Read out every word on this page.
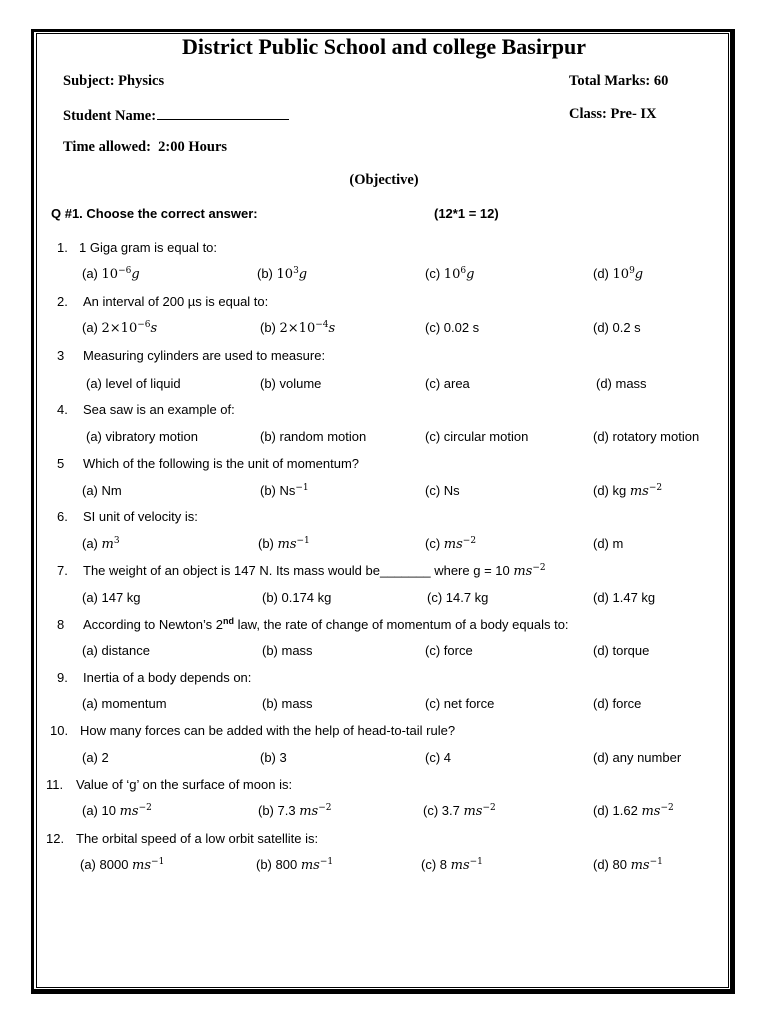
District Public School and college Basirpur
Subject: Physics	Total Marks: 60
Student Name:	Class: Pre- IX
Time allowed:  2:00 Hours
(Objective)
Q #1. Choose the correct answer:	(12*1 = 12)
1. 1 Giga gram is equal to:
(a) $10^{-6}g$	(b) $10^3g$	(c) $10^6g$	(d) $10^9g$
2. An interval of 200 µs is equal to:
(a) $2\times 10^{-6}s$	(b) $2\times 10^{-4}s$	(c) 0.02 s	(d) 0.2 s
3 Measuring cylinders are used to measure:
(a) level of liquid	(b) volume	(c) area	(d) mass
4. Sea saw is an example of:
(a) vibratory motion	(b) random motion	(c) circular motion	(d) rotatory motion
5 Which of the following is the unit of momentum?
(a) Nm	(b) $Ns^{-1}$	(c) Ns	(d) kg $ms^{-2}$
6. SI unit of velocity is:
(a) $m^3$	(b) $ms^{-1}$	(c) $ms^{-2}$	(d) m
7. The weight of an object is 147 N. Its mass would be_______ where g = 10 $ms^{-2}$
(a) 147 kg	(b) 0.174 kg	(c) 14.7 kg	(d) 1.47 kg
8 According to Newton’s 2nd law, the rate of change of momentum of a body equals to:
(a) distance	(b) mass	(c) force	(d) torque
9. Inertia of a body depends on:
(a) momentum	(b) mass	(c) net force	(d) force
10. How many forces can be added with the help of head-to-tail rule?
(a) 2	(b) 3	(c) 4	(d) any number
11. Value of ‘g’ on the surface of moon is:
(a) 10 $ms^{-2}$	(b) 7.3 $ms^{-2}$	(c) 3.7 $ms^{-2}$	(d) 1.62 $ms^{-2}$
12. The orbital speed of a low orbit satellite is:
(a) 8000 $ms^{-1}$	(b) 800 $ms^{-1}$	(c) 8 $ms^{-1}$	(d) 80 $ms^{-1}$
